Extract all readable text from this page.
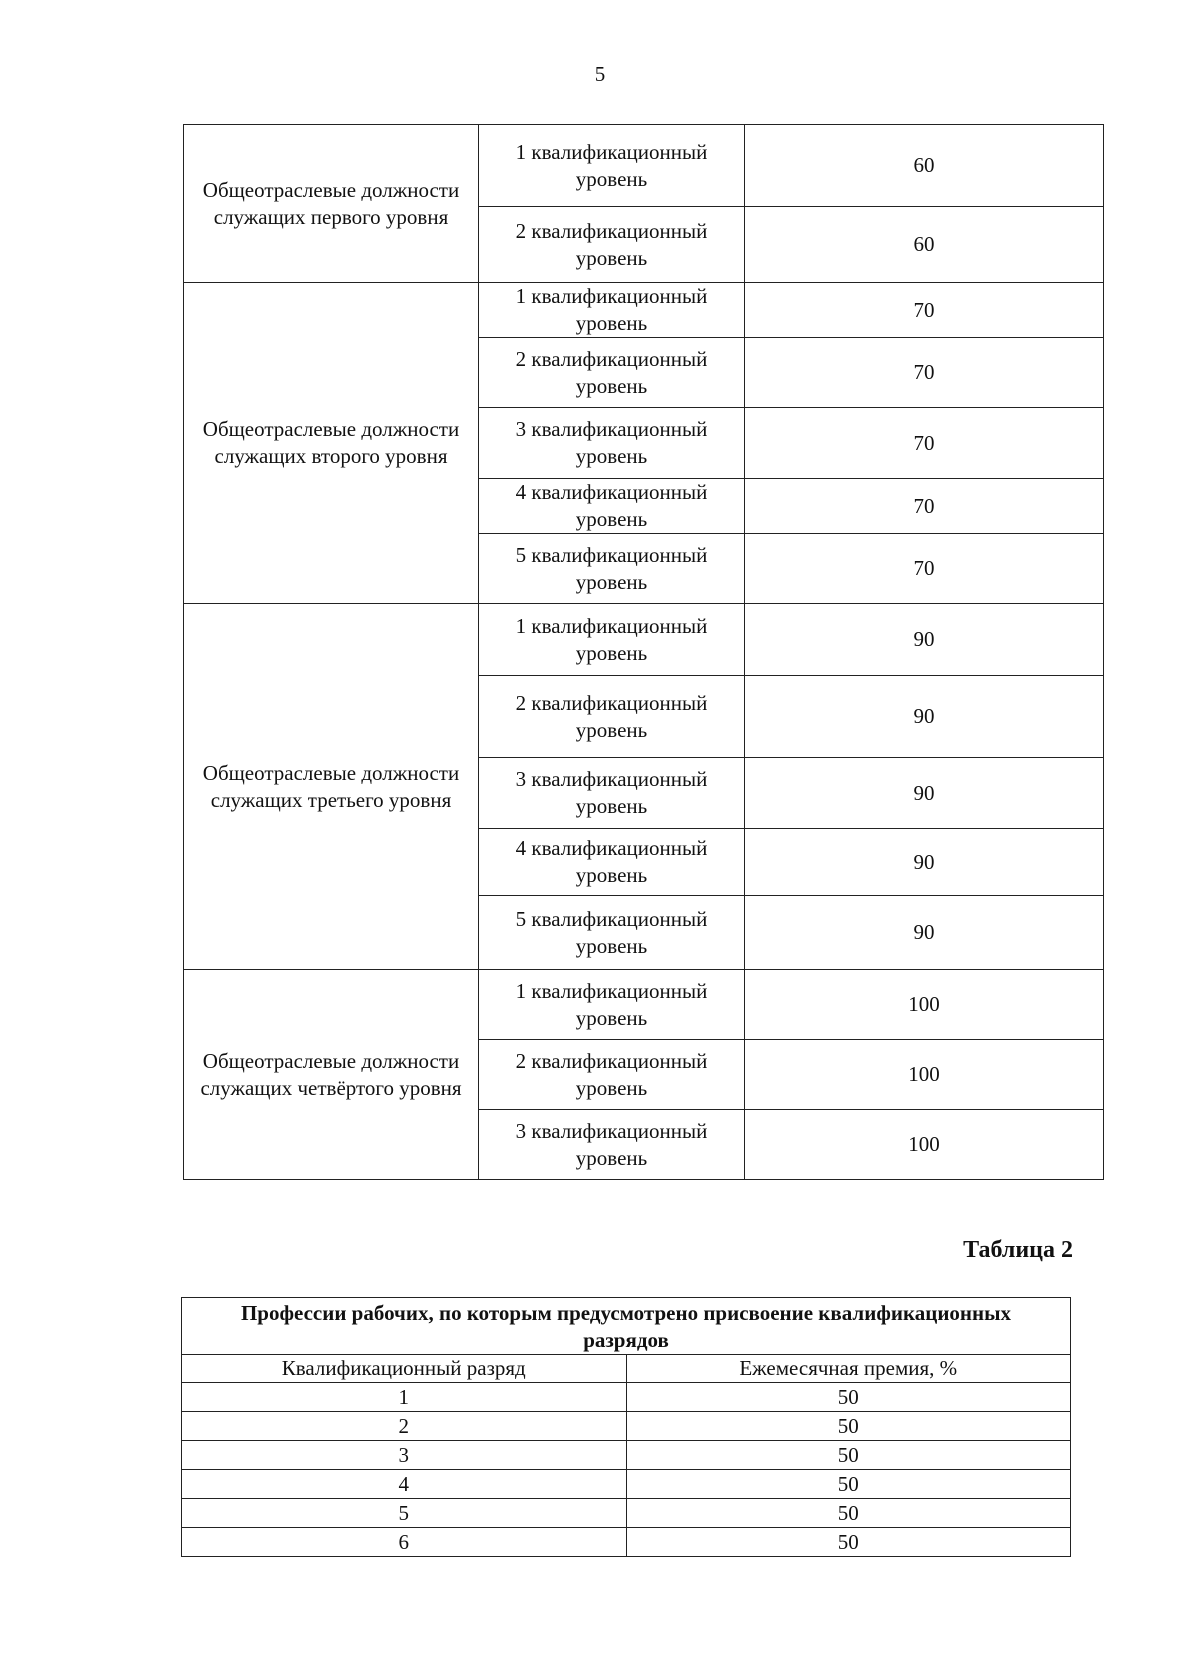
5
Общеотраслевые должности служащих первого уровня	1 квалификационный уровень	60
	2 квалификационный уровень	60
Общеотраслевые должности служащих второго уровня	1 квалификационный уровень	70
	2 квалификационный уровень	70
	3 квалификационный уровень	70
	4 квалификационный уровень	70
	5 квалификационный уровень	70
Общеотраслевые должности служащих третьего уровня	1 квалификационный уровень	90
	2 квалификационный уровень	90
	3 квалификационный уровень	90
	4 квалификационный уровень	90
	5 квалификационный уровень	90
Общеотраслевые должности служащих четвёртого уровня	1 квалификационный уровень	100
	2 квалификационный уровень	100
	3 квалификационный уровень	100
Таблица 2
Профессии рабочих, по которым предусмотрено присвоение квалификационных разрядов	
Квалификационный разряд	Ежемесячная премия, %
1	50
2	50
3	50
4	50
5	50
6	50
